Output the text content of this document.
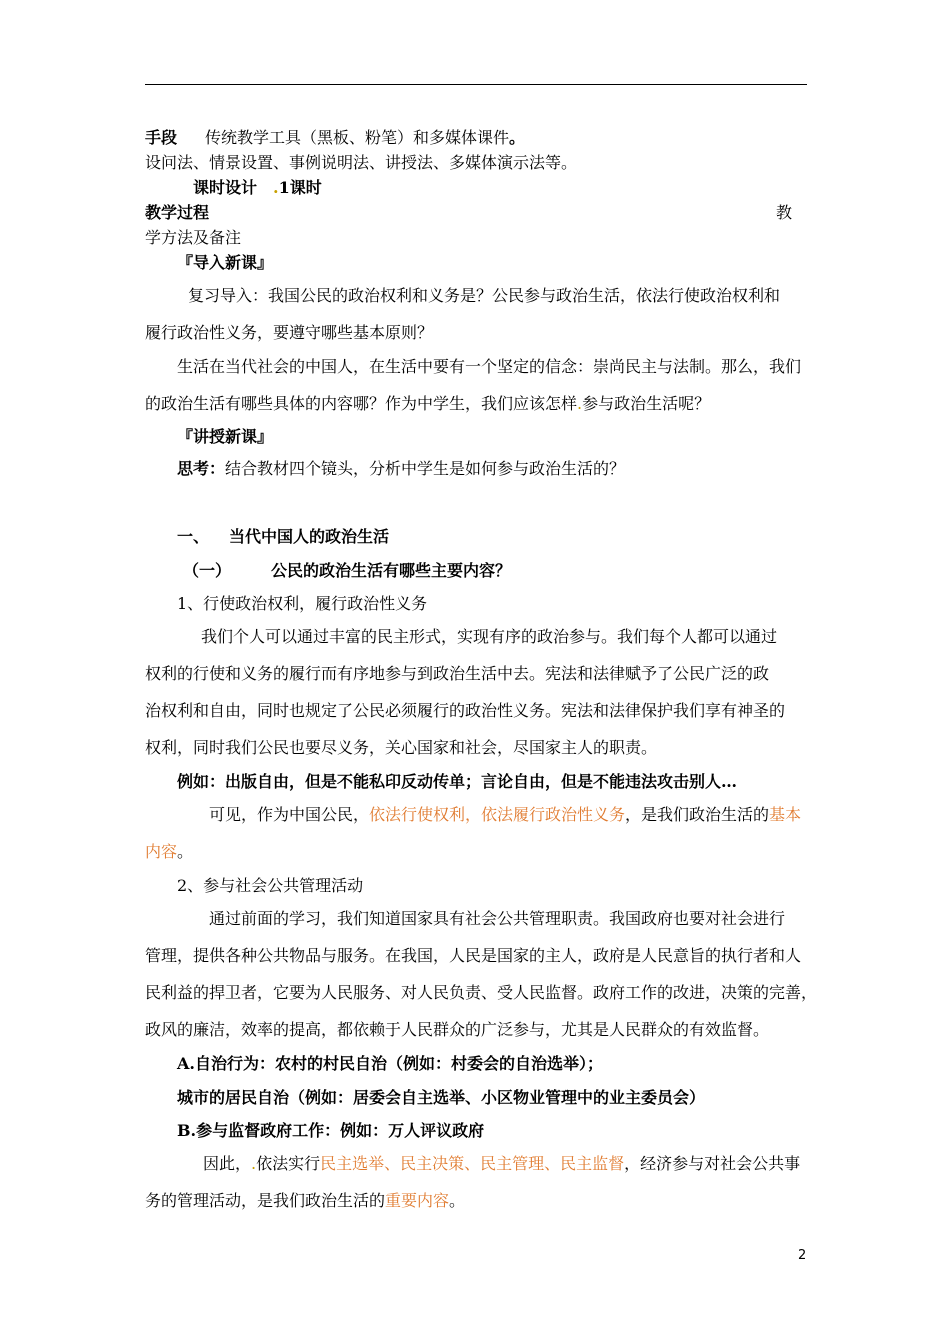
手段 传统教学工具（黑板、粉笔）和多媒体课件。
设问法、情景设置、事例说明法、讲授法、多媒体演示法等。
课时设计 .1课时
教学过程	教
学方法及备注
『导入新课』
复习导入：我国公民的政治权利和义务是？公民参与政治生活，依法行使政治权利和
履行政治性义务，要遵守哪些基本原则？
生活在当代社会的中国人，在生活中要有一个坚定的信念：崇尚民主与法制。那么，我们
的政治生活有哪些具体的内容哪？作为中学生，我们应该怎样.参与政治生活呢？
『讲授新课』
思考：结合教材四个镜头，分析中学生是如何参与政治生活的？
一、 当代中国人的政治生活
（一）	公民的政治生活有哪些主要内容？
1、行使政治权利，履行政治性义务
我们个人可以通过丰富的民主形式，实现有序的政治参与。我们每个人都可以通过
权利的行使和义务的履行而有序地参与到政治生活中去。宪法和法律赋予了公民广泛的政
治权利和自由，同时也规定了公民必须履行的政治性义务。宪法和法律保护我们享有神圣的
权利，同时我们公民也要尽义务，关心国家和社会，尽国家主人的职责。
例如：出版自由，但是不能私印反动传单；言论自由，但是不能违法攻击别人…
可见，作为中国公民，依法行使权利，依法履行政治性义务，是我们政治生活的基本
内容。
2、参与社会公共管理活动
通过前面的学习，我们知道国家具有社会公共管理职责。我国政府也要对社会进行
管理，提供各种公共物品与服务。在我国，人民是国家的主人，政府是人民意旨的执行者和人
民利益的捍卫者，它要为人民服务、对人民负责、受人民监督。政府工作的改进，决策的完善，
政风的廉洁，效率的提高，都依赖于人民群众的广泛参与，尤其是人民群众的有效监督。
A.自治行为：农村的村民自治（例如：村委会的自治选举）；
城市的居民自治（例如：居委会自主选举、小区物业管理中的业主委员会）
B.参与监督政府工作：例如：万人评议政府
因此，.依法实行民主选举、民主决策、民主管理、民主监督，经济参与对社会公共事
务的管理活动，是我们政治生活的重要内容。
2
